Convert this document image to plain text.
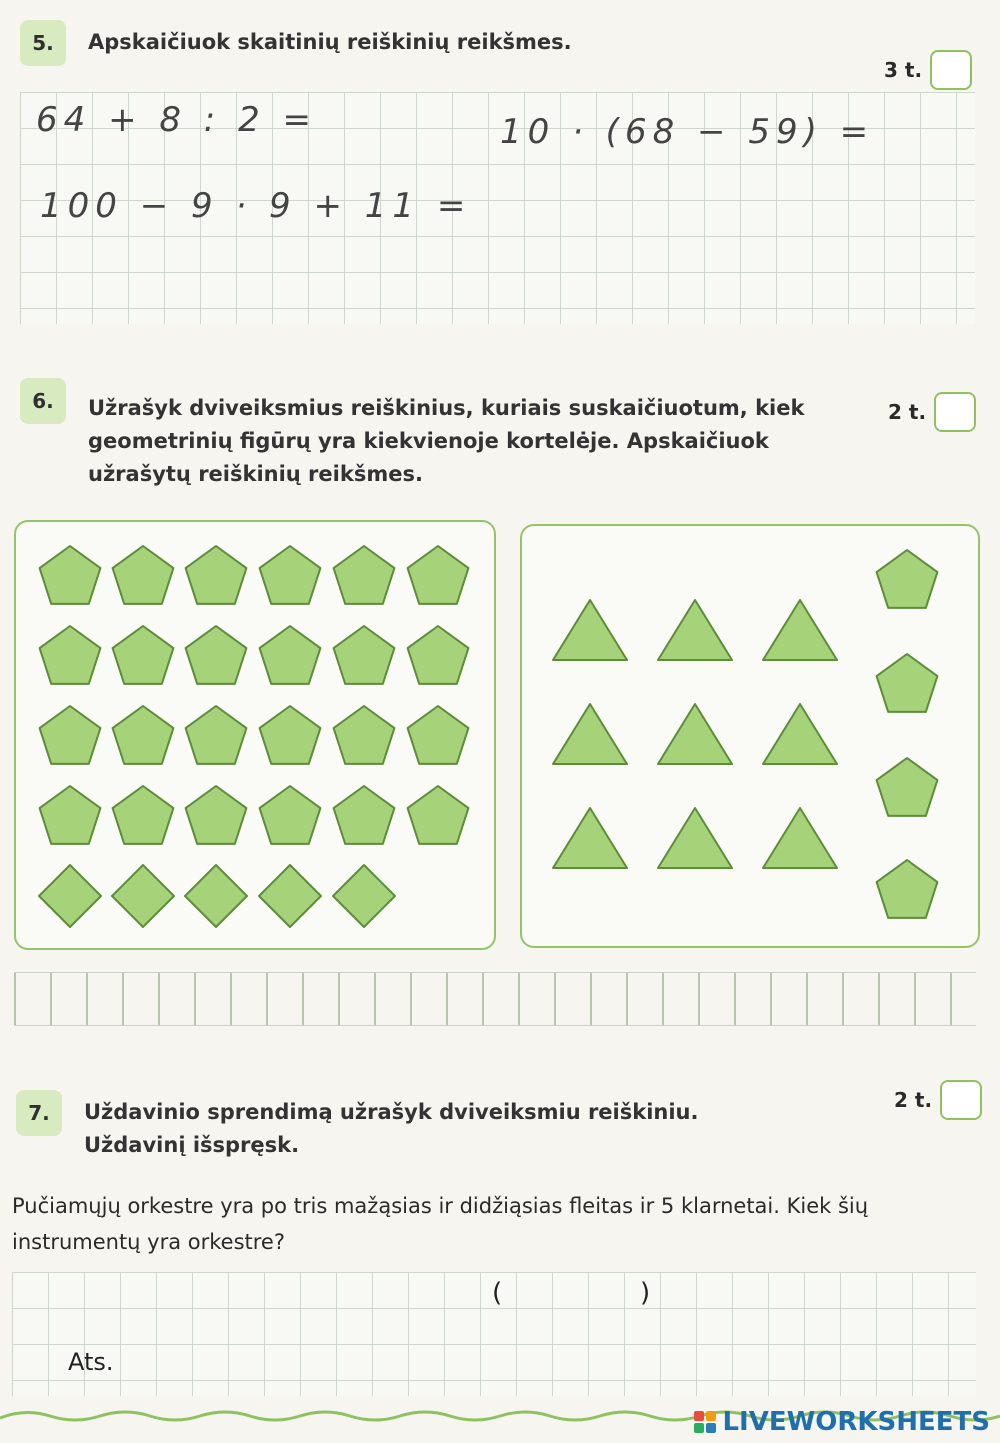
5.	Apskaičiuok skaitinių reiškinių reikšmes.
3 t.
64 + 8 : 2 =	10 · (68 − 59) =
100 − 9 · 9 + 11 =
6.	Užrašyk dviveiksmius reiškinius, kuriais suskaičiuotum, kiek
geometrinių figūrų yra kiekvienoje kortelėje. Apskaičiuok
užrašytų reiškinių reikšmes.
2 t.
7.	Uždavinio sprendimą užrašyk dviveiksmiu reiškiniu.
Uždavinį išspręsk.
2 t.
Pučiamųjų orkestre yra po tris mažąsias ir didžiąsias fleitas ir 5 klarnetai. Kiek šių
instrumentų yra orkestre?
(	)
Ats.
LIVEWORKSHEETS
